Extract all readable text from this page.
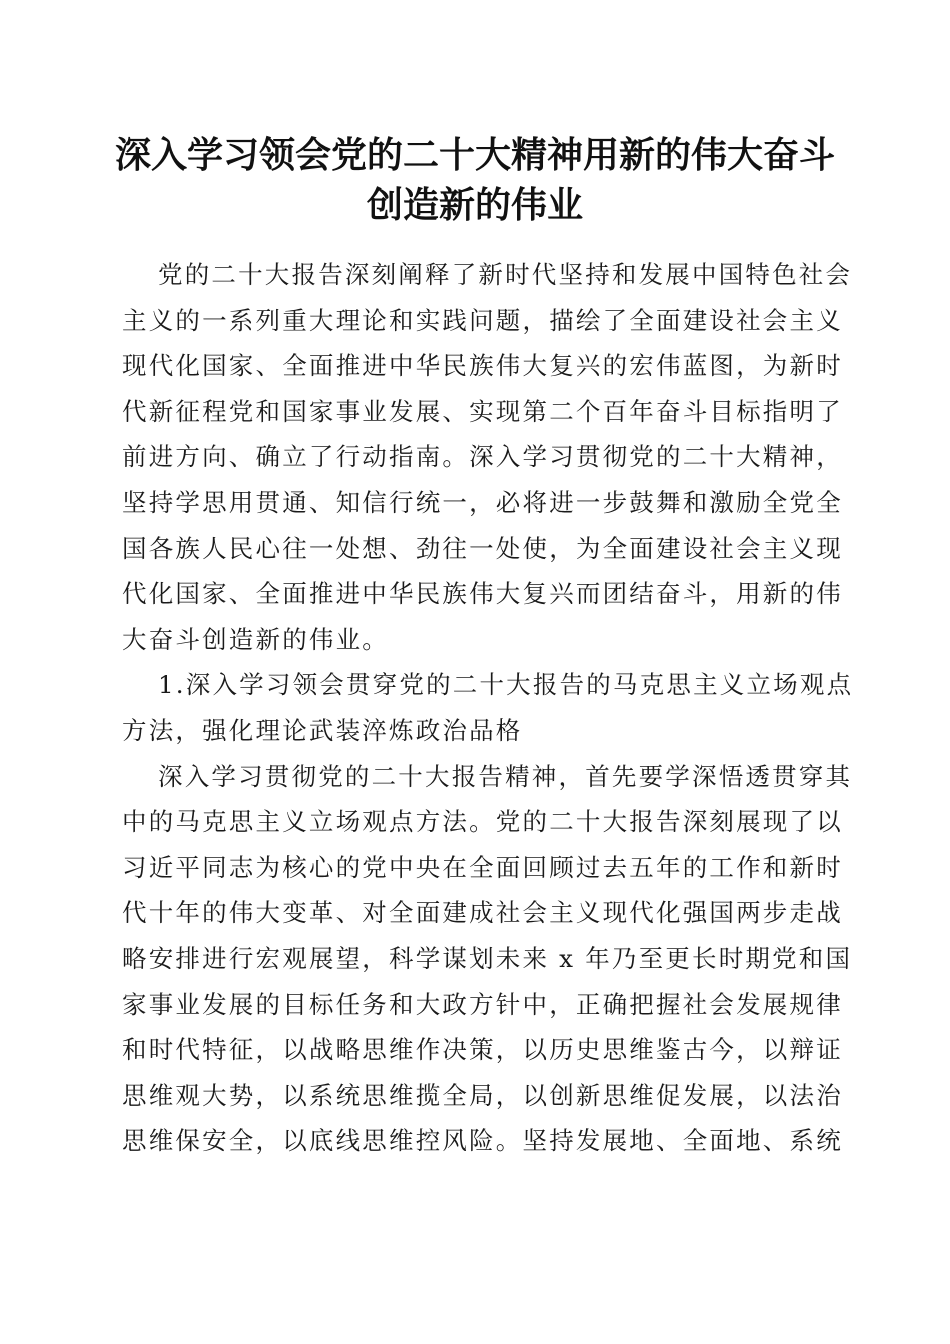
深入学习领会党的二十大精神用新的伟大奋斗
创造新的伟业
党的二十大报告深刻阐释了新时代坚持和发展中国特色社会
主义的一系列重大理论和实践问题，描绘了全面建设社会主义
现代化国家、全面推进中华民族伟大复兴的宏伟蓝图，为新时
代新征程党和国家事业发展、实现第二个百年奋斗目标指明了
前进方向、确立了行动指南。深入学习贯彻党的二十大精神，
坚持学思用贯通、知信行统一，必将进一步鼓舞和激励全党全
国各族人民心往一处想、劲往一处使，为全面建设社会主义现
代化国家、全面推进中华民族伟大复兴而团结奋斗，用新的伟
大奋斗创造新的伟业。
1.深入学习领会贯穿党的二十大报告的马克思主义立场观点
方法，强化理论武装淬炼政治品格
深入学习贯彻党的二十大报告精神，首先要学深悟透贯穿其
中的马克思主义立场观点方法。党的二十大报告深刻展现了以
习近平同志为核心的党中央在全面回顾过去五年的工作和新时
代十年的伟大变革、对全面建成社会主义现代化强国两步走战
略安排进行宏观展望，科学谋划未来 x 年乃至更长时期党和国
家事业发展的目标任务和大政方针中，正确把握社会发展规律
和时代特征，以战略思维作决策，以历史思维鉴古今，以辩证
思维观大势，以系统思维揽全局，以创新思维促发展，以法治
思维保安全，以底线思维控风险。坚持发展地、全面地、系统
